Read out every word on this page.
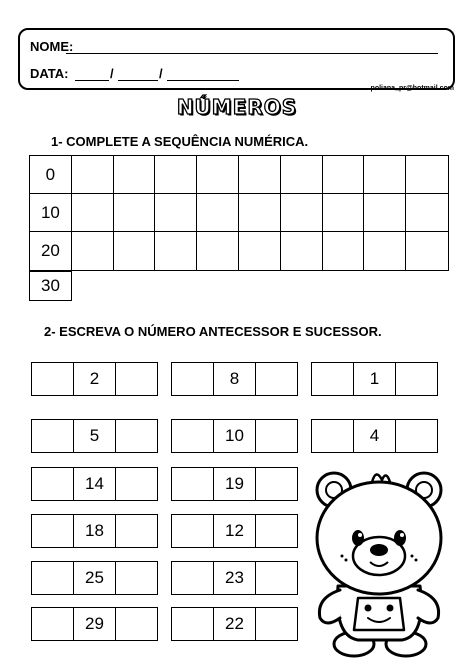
NOME:
DATA:	/	/
poliana_pr@hotmail.com
NÚMEROS
1- COMPLETE A SEQUÊNCIA NUMÉRICA.
0
10
20
30
2- ESCREVA O NÚMERO ANTECESSOR E SUCESSOR.
2	8	1
5	10	4
14	19
18	12
25	23
29	22
